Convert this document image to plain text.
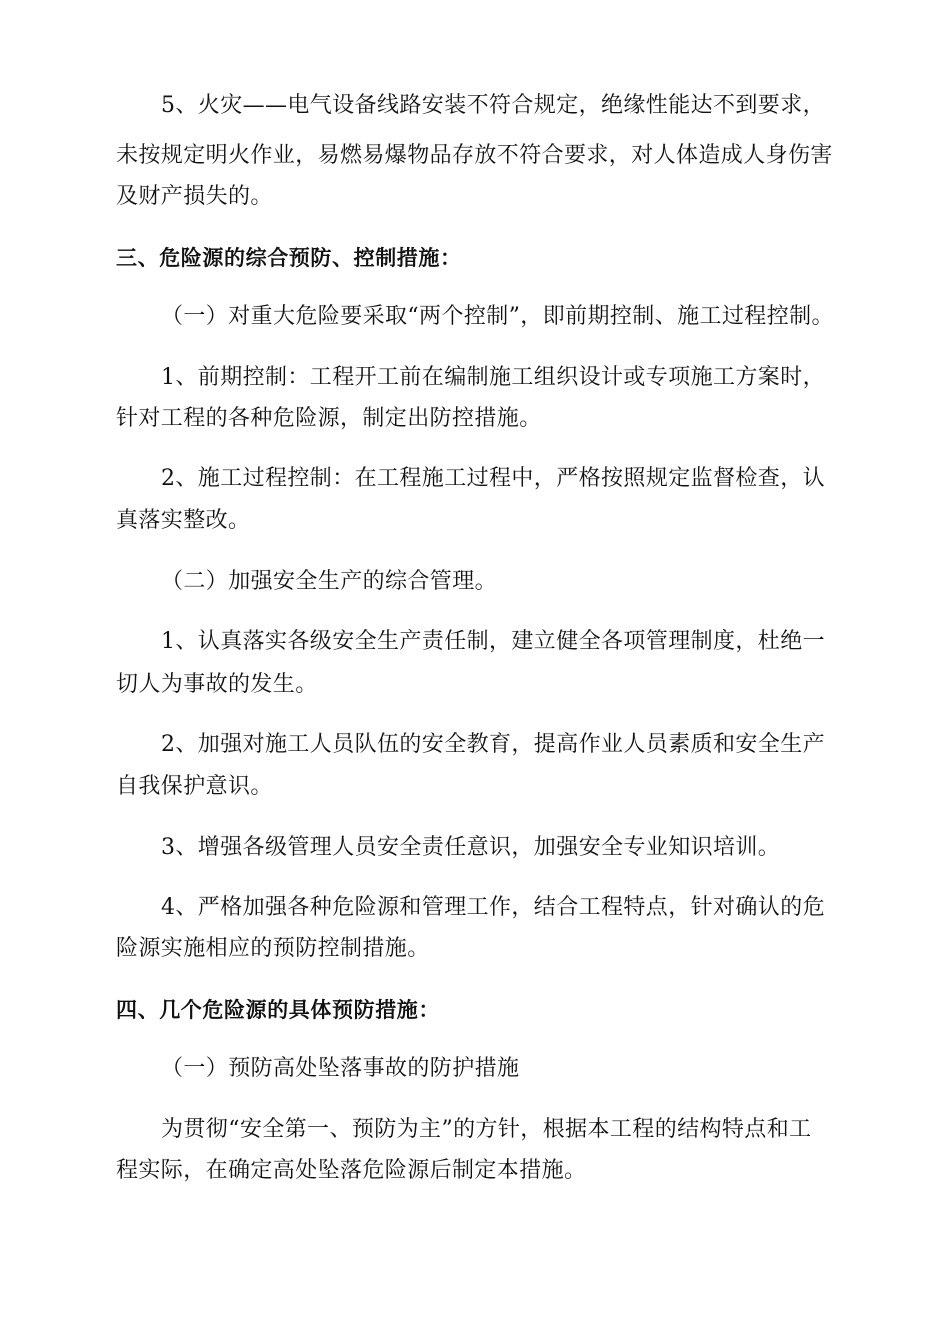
5、火灾——电气设备线路安装不符合规定，绝缘性能达不到要求，
未按规定明火作业，易燃易爆物品存放不符合要求，对人体造成人身伤害
及财产损失的。
三、危险源的综合预防、控制措施：
（一）对重大危险要采取“两个控制”，即前期控制、施工过程控制。
1、前期控制：工程开工前在编制施工组织设计或专项施工方案时，
针对工程的各种危险源，制定出防控措施。
2、施工过程控制：在工程施工过程中，严格按照规定监督检查，认
真落实整改。
（二）加强安全生产的综合管理。
1、认真落实各级安全生产责任制，建立健全各项管理制度，杜绝一
切人为事故的发生。
2、加强对施工人员队伍的安全教育，提高作业人员素质和安全生产
自我保护意识。
3、增强各级管理人员安全责任意识，加强安全专业知识培训。
4、严格加强各种危险源和管理工作，结合工程特点，针对确认的危
险源实施相应的预防控制措施。
四、几个危险源的具体预防措施：
（一）预防高处坠落事故的防护措施
为贯彻“安全第一、预防为主”的方针，根据本工程的结构特点和工
程实际，在确定高处坠落危险源后制定本措施。
